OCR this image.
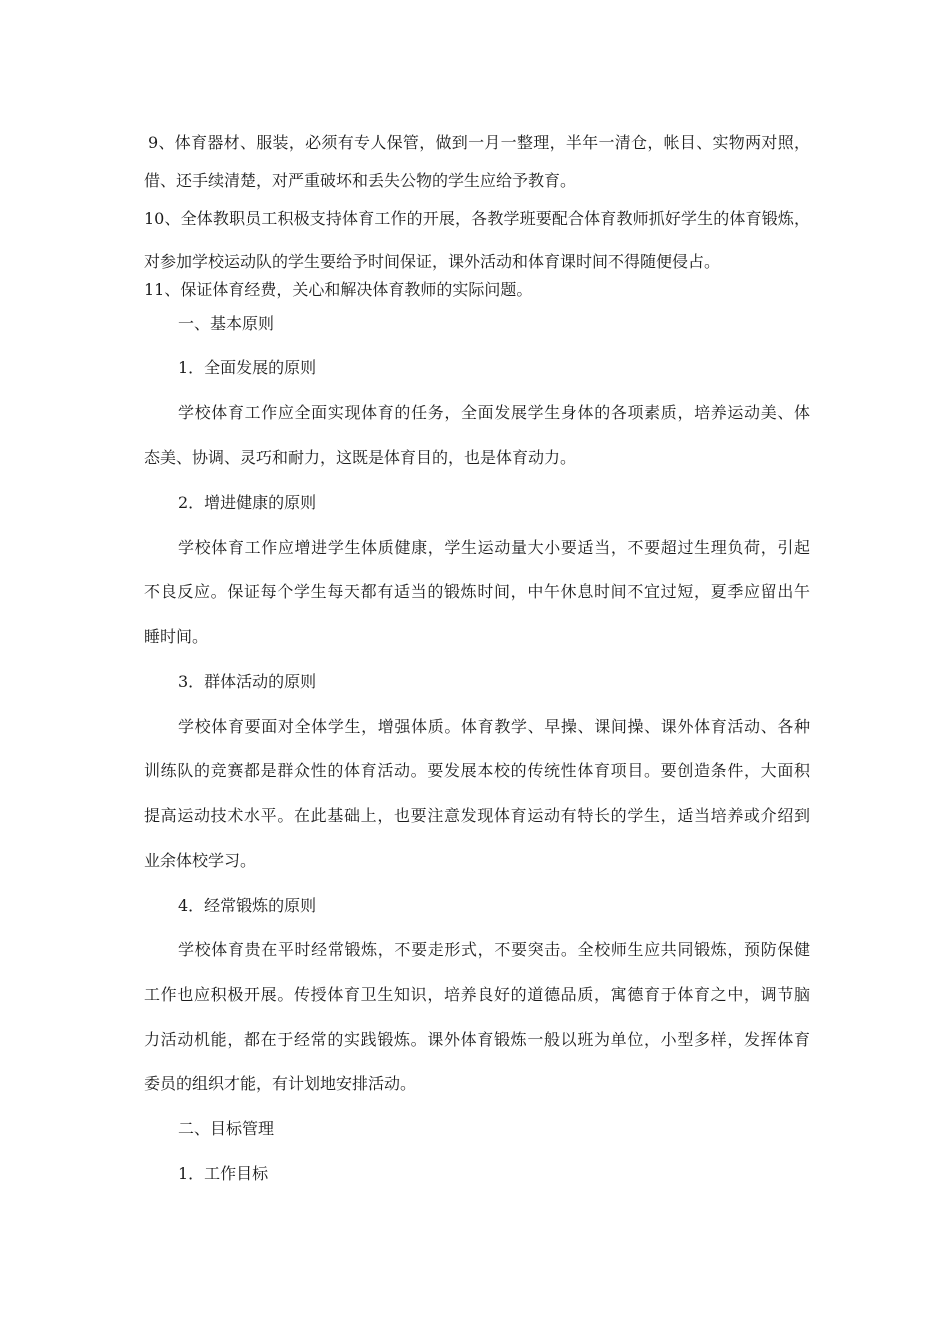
9、体育器材、服装，必须有专人保管，做到一月一整理，半年一清仓，帐目、实物两对照，
借、还手续清楚，对严重破坏和丢失公物的学生应给予教育。
10、全体教职员工积极支持体育工作的开展，各教学班要配合体育教师抓好学生的体育锻炼，
对参加学校运动队的学生要给予时间保证，课外活动和体育课时间不得随便侵占。
11、保证体育经费，关心和解决体育教师的实际问题。
一、基本原则
1．全面发展的原则
学校体育工作应全面实现体育的任务，全面发展学生身体的各项素质，培养运动美、体
态美、协调、灵巧和耐力，这既是体育目的，也是体育动力。
2．增进健康的原则
学校体育工作应增进学生体质健康，学生运动量大小要适当，不要超过生理负荷，引起
不良反应。保证每个学生每天都有适当的锻炼时间，中午休息时间不宜过短，夏季应留出午
睡时间。
3．群体活动的原则
学校体育要面对全体学生，增强体质。体育教学、早操、课间操、课外体育活动、各种
训练队的竞赛都是群众性的体育活动。要发展本校的传统性体育项目。要创造条件，大面积
提高运动技术水平。在此基础上，也要注意发现体育运动有特长的学生，适当培养或介绍到
业余体校学习。
4．经常锻炼的原则
学校体育贵在平时经常锻炼，不要走形式，不要突击。全校师生应共同锻炼，预防保健
工作也应积极开展。传授体育卫生知识，培养良好的道德品质，寓德育于体育之中，调节脑
力活动机能，都在于经常的实践锻炼。课外体育锻炼一般以班为单位，小型多样，发挥体育
委员的组织才能，有计划地安排活动。
二、目标管理
1．工作目标
